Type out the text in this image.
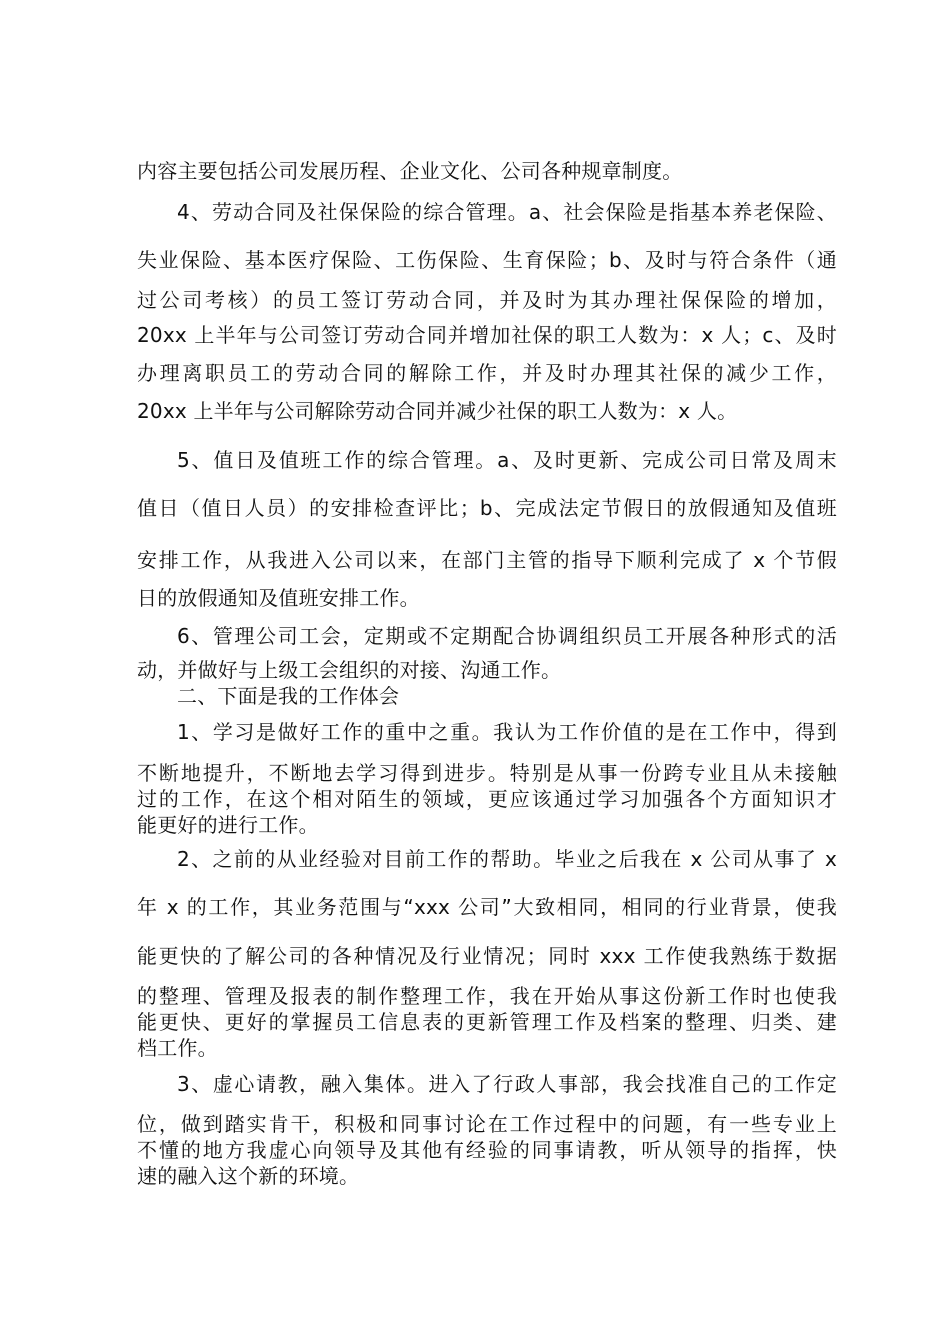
内容主要包括公司发展历程、企业文化、公司各种规章制度。
4、劳动合同及社保保险的综合管理。a、社会保险是指基本养老保险、
失业保险、基本医疗保险、工伤保险、生育保险；b、及时与符合条件（通
过公司考核）的员工签订劳动合同，并及时为其办理社保保险的增加，
20xx 上半年与公司签订劳动合同并增加社保的职工人数为：x 人；c、及时
办理离职员工的劳动合同的解除工作，并及时办理其社保的减少工作，
20xx 上半年与公司解除劳动合同并减少社保的职工人数为：x 人。
5、值日及值班工作的综合管理。a、及时更新、完成公司日常及周末
值日（值日人员）的安排检查评比；b、完成法定节假日的放假通知及值班
安排工作，从我进入公司以来，在部门主管的指导下顺利完成了 x 个节假
日的放假通知及值班安排工作。
6、管理公司工会，定期或不定期配合协调组织员工开展各种形式的活
动，并做好与上级工会组织的对接、沟通工作。
二、下面是我的工作体会
1、学习是做好工作的重中之重。我认为工作价值的是在工作中，得到
不断地提升，不断地去学习得到进步。特别是从事一份跨专业且从未接触
过的工作，在这个相对陌生的领域，更应该通过学习加强各个方面知识才
能更好的进行工作。
2、之前的从业经验对目前工作的帮助。毕业之后我在 x 公司从事了 x
年 x 的工作，其业务范围与“xxx 公司”大致相同，相同的行业背景，使我
能更快的了解公司的各种情况及行业情况；同时 xxx 工作使我熟练于数据
的整理、管理及报表的制作整理工作，我在开始从事这份新工作时也使我
能更快、更好的掌握员工信息表的更新管理工作及档案的整理、归类、建
档工作。
3、虚心请教，融入集体。进入了行政人事部，我会找准自己的工作定
位，做到踏实肯干，积极和同事讨论在工作过程中的问题，有一些专业上
不懂的地方我虚心向领导及其他有经验的同事请教，听从领导的指挥，快
速的融入这个新的环境。
